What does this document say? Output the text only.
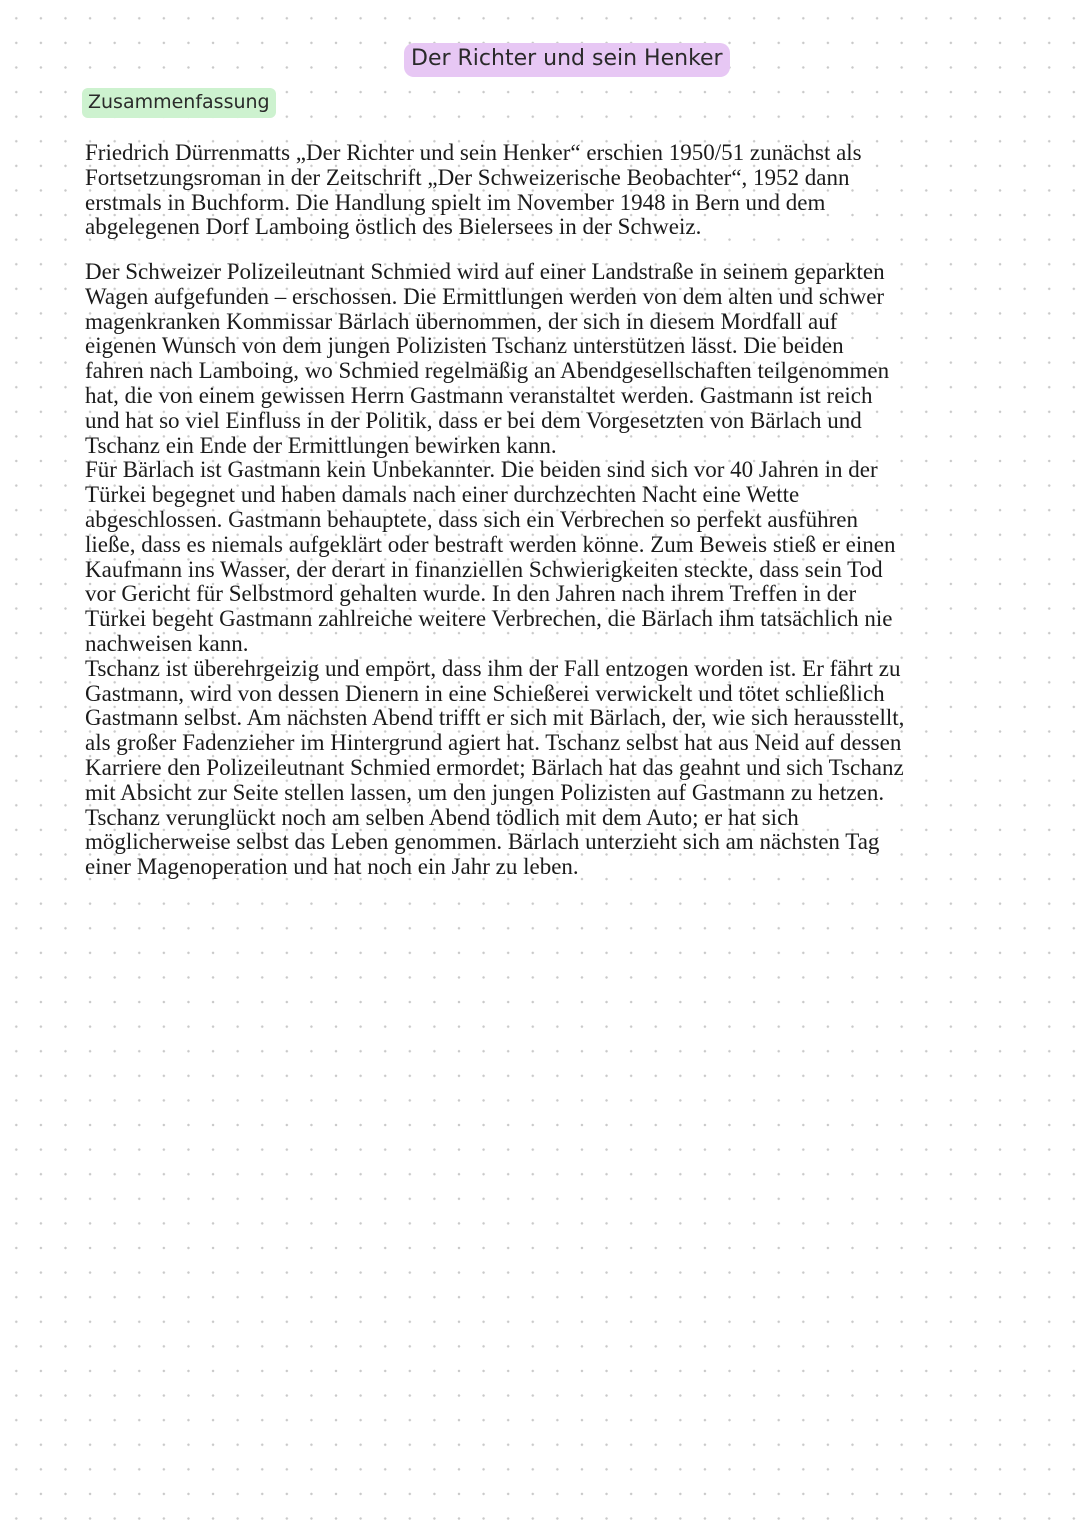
Der Richter und sein Henker
Zusammenfassung
Friedrich Dürrenmatts „Der Richter und sein Henker“ erschien 1950/51 zunächst als
Fortsetzungsroman in der Zeitschrift „Der Schweizerische Beobachter“, 1952 dann
erstmals in Buchform. Die Handlung spielt im November 1948 in Bern und dem
abgelegenen Dorf Lamboing östlich des Bielersees in der Schweiz.
Der Schweizer Polizeileutnant Schmied wird auf einer Landstraße in seinem geparkten
Wagen aufgefunden – erschossen. Die Ermittlungen werden von dem alten und schwer
magenkranken Kommissar Bärlach übernommen, der sich in diesem Mordfall auf
eigenen Wunsch von dem jungen Polizisten Tschanz unterstützen lässt. Die beiden
fahren nach Lamboing, wo Schmied regelmäßig an Abendgesellschaften teilgenommen
hat, die von einem gewissen Herrn Gastmann veranstaltet werden. Gastmann ist reich
und hat so viel Einfluss in der Politik, dass er bei dem Vorgesetzten von Bärlach und
Tschanz ein Ende der Ermittlungen bewirken kann.
Für Bärlach ist Gastmann kein Unbekannter. Die beiden sind sich vor 40 Jahren in der
Türkei begegnet und haben damals nach einer durchzechten Nacht eine Wette
abgeschlossen. Gastmann behauptete, dass sich ein Verbrechen so perfekt ausführen
ließe, dass es niemals aufgeklärt oder bestraft werden könne. Zum Beweis stieß er einen
Kaufmann ins Wasser, der derart in finanziellen Schwierigkeiten steckte, dass sein Tod
vor Gericht für Selbstmord gehalten wurde. In den Jahren nach ihrem Treffen in der
Türkei begeht Gastmann zahlreiche weitere Verbrechen, die Bärlach ihm tatsächlich nie
nachweisen kann.
Tschanz ist überehrgeizig und empört, dass ihm der Fall entzogen worden ist. Er fährt zu
Gastmann, wird von dessen Dienern in eine Schießerei verwickelt und tötet schließlich
Gastmann selbst. Am nächsten Abend trifft er sich mit Bärlach, der, wie sich herausstellt,
als großer Fadenzieher im Hintergrund agiert hat. Tschanz selbst hat aus Neid auf dessen
Karriere den Polizeileutnant Schmied ermordet; Bärlach hat das geahnt und sich Tschanz
mit Absicht zur Seite stellen lassen, um den jungen Polizisten auf Gastmann zu hetzen.
Tschanz verunglückt noch am selben Abend tödlich mit dem Auto; er hat sich
möglicherweise selbst das Leben genommen. Bärlach unterzieht sich am nächsten Tag
einer Magenoperation und hat noch ein Jahr zu leben.
